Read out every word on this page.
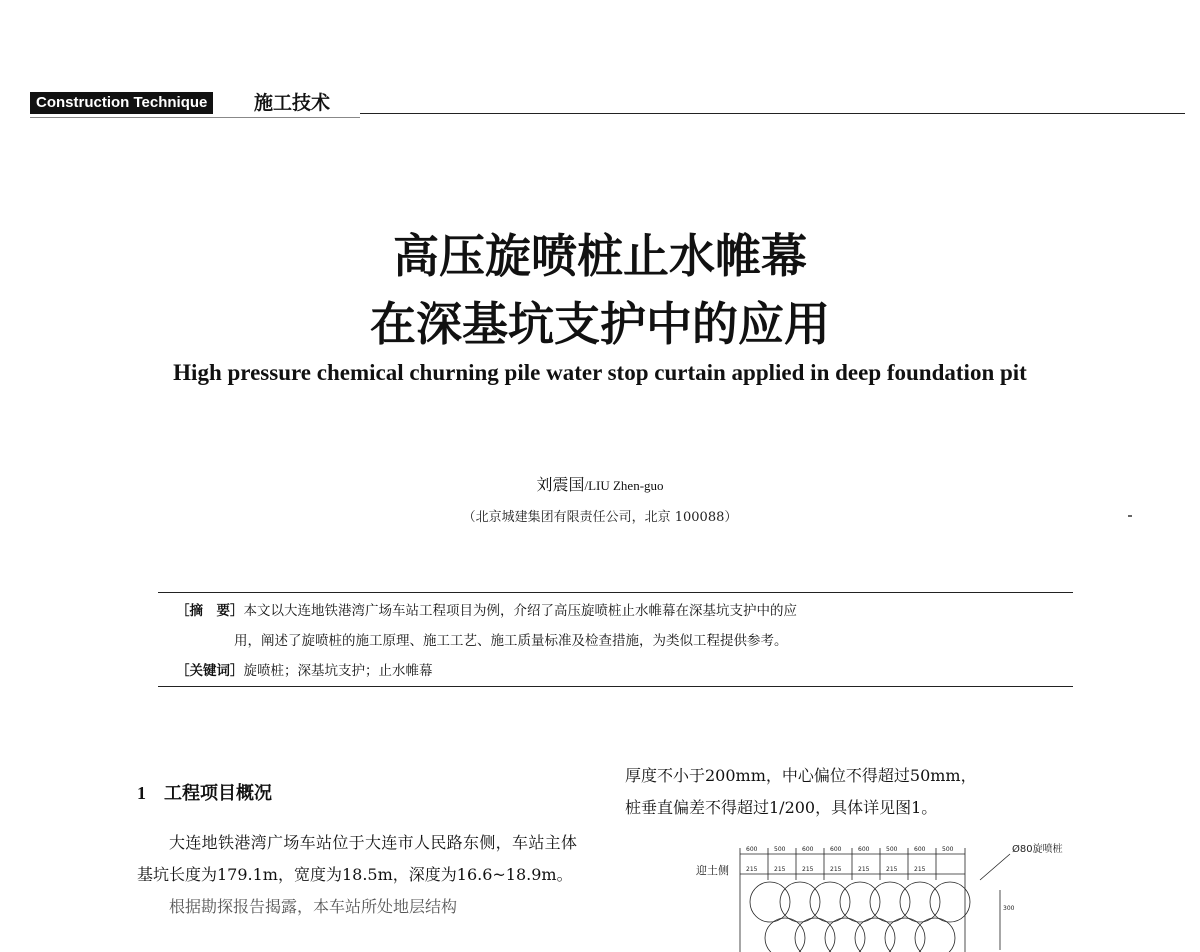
Construction Technique	施工技术
高压旋喷桩止水帷幕
在深基坑支护中的应用
High pressure chemical churning pile water stop curtain applied in deep foundation pit
刘震国/LIU Zhen-guo
（北京城建集团有限责任公司，北京 100088）
［摘　要］本文以大连地铁港湾广场车站工程项目为例，介绍了高压旋喷桩止水帷幕在深基坑支护中的应
用，阐述了旋喷桩的施工原理、施工工艺、施工质量标准及检查措施，为类似工程提供参考。
［关键词］旋喷桩；深基坑支护；止水帷幕
1 工程项目概况
大连地铁港湾广场车站位于大连市人民路东侧，车站主体基坑长度为179.1m，宽度为18.5m，深度为16.6~18.9m。
根据勘探报告揭露，本车站所处地层结构

厚度不小于200mm，中心偏位不得超过50mm，

桩垂直偏差不得超过1/200，具体详见图1。

迎土侧
Ø80旋喷桩
600	500	600	600	600	500	600	500
215	215	215	215	215	215	215
300
